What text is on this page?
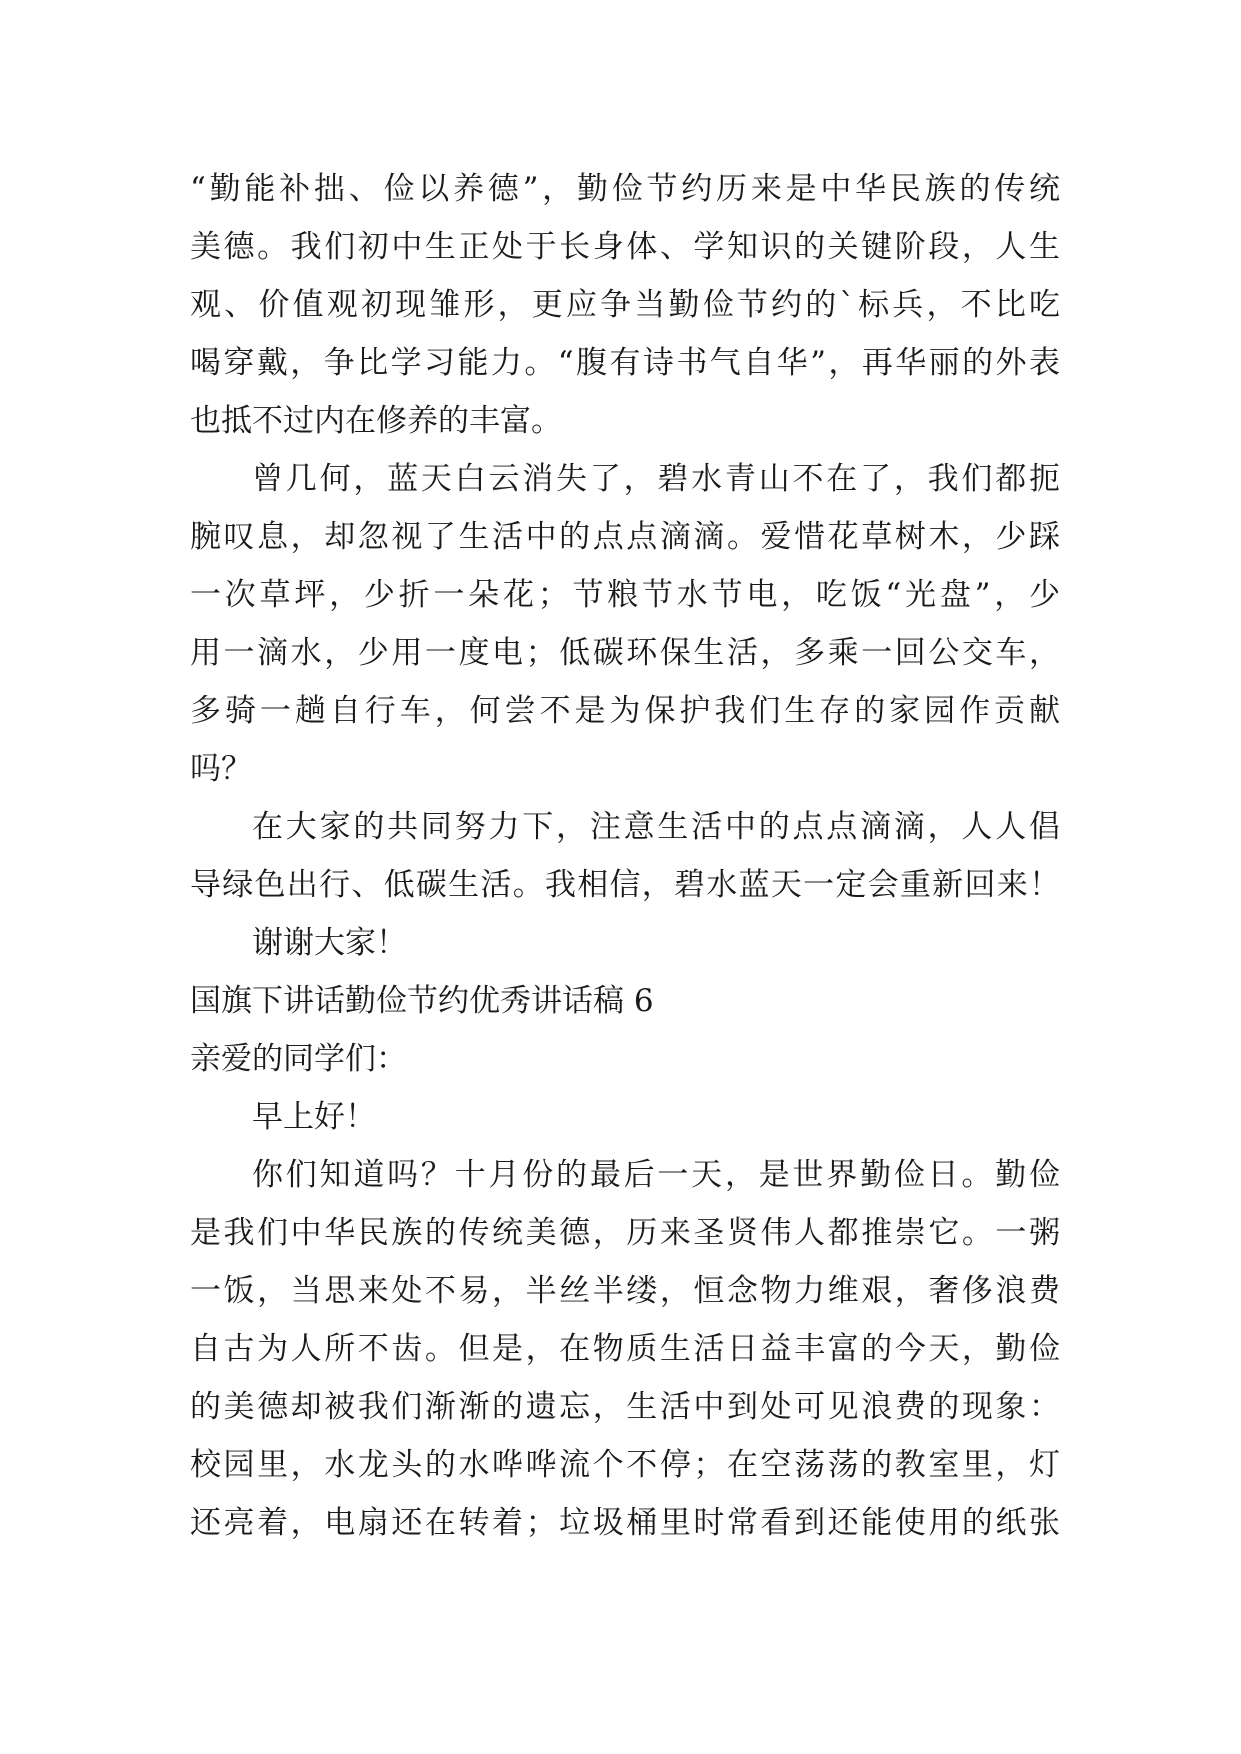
“勤能补拙、俭以养德”，勤俭节约历来是中华民族的传统
美德。我们初中生正处于长身体、学知识的关键阶段，人生
观、价值观初现雏形，更应争当勤俭节约的`标兵，不比吃
喝穿戴，争比学习能力。“腹有诗书气自华”，再华丽的外表
也抵不过内在修养的丰富。
曾几何，蓝天白云消失了，碧水青山不在了，我们都扼
腕叹息，却忽视了生活中的点点滴滴。爱惜花草树木，少踩
一次草坪，少折一朵花；节粮节水节电，吃饭“光盘”，少
用一滴水，少用一度电；低碳环保生活，多乘一回公交车，
多骑一趟自行车，何尝不是为保护我们生存的家园作贡献
吗？
在大家的共同努力下，注意生活中的点点滴滴，人人倡
导绿色出行、低碳生活。我相信，碧水蓝天一定会重新回来！
谢谢大家！
国旗下讲话勤俭节约优秀讲话稿 6
亲爱的同学们：
早上好！
你们知道吗？十月份的最后一天，是世界勤俭日。勤俭
是我们中华民族的传统美德，历来圣贤伟人都推崇它。一粥
一饭，当思来处不易，半丝半缕，恒念物力维艰，奢侈浪费
自古为人所不齿。但是，在物质生活日益丰富的今天，勤俭
的美德却被我们渐渐的遗忘，生活中到处可见浪费的现象：
校园里，水龙头的水哗哗流个不停；在空荡荡的教室里，灯
还亮着，电扇还在转着；垃圾桶里时常看到还能使用的纸张
